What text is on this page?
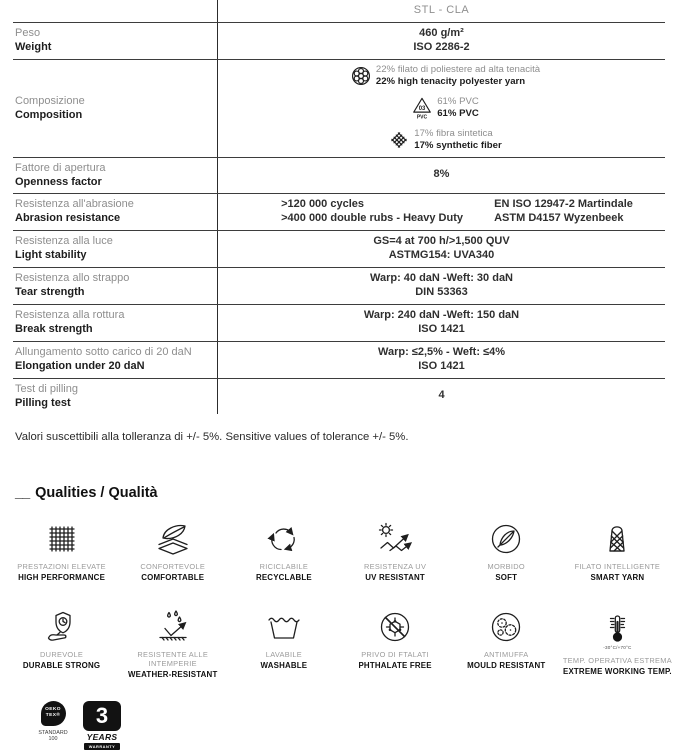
STL - CLA
Peso
Weight
460 g/m²
ISO 2286-2
Composizione
Composition
22% filato di poliestere ad alta tenacità
22% high tenacity polyester yarn
03
PVC
61% PVC
61% PVC
17% fibra sintetica
17% synthetic fiber
Fattore di apertura
Openness factor
8%
Resistenza all'abrasione
Abrasion resistance
>120 000 cycles	EN ISO 12947-2 Martindale
>400 000 double rubs - Heavy Duty	ASTM D4157 Wyzenbeek
Resistenza alla luce
Light stability
GS=4 at 700 h/>1,500 QUV
ASTMG154: UVA340
Resistenza allo strappo
Tear strength
Warp: 40 daN -Weft: 30 daN
DIN 53363
Resistenza alla rottura
Break strength
Warp: 240 daN -Weft: 150 daN
ISO 1421
Allungamento sotto carico di 20 daN
Elongation under 20 daN
Warp: ≤2,5% - Weft: ≤4%
ISO 1421
Test di pilling
Pilling test
4

Valori suscettibili alla tolleranza di +/- 5%. Sensitive values of tolerance +/- 5%.

__ Qualities / Qualità
PRESTAZIONI ELEVATE
HIGH PERFORMANCE
CONFORTEVOLE
COMFORTABLE
RICICLABILE
RECYCLABLE
RESISTENZA UV
UV RESISTANT
MORBIDO
SOFT
FILATO INTELLIGENTE
SMART YARN
DUREVOLE
DURABLE STRONG
RESISTENTE ALLE INTEMPERIE
WEATHER-RESISTANT
LAVABILE
WASHABLE
PRIVO DI FTALATI
PHTHALATE FREE
ANTIMUFFA
MOULD RESISTANT
-30°C/+70°C
TEMP. OPERATIVA ESTREMA
EXTREME WORKING TEMP.
OEKO
TEX®
STANDARD
100
3
YEARS
WARRANTY
